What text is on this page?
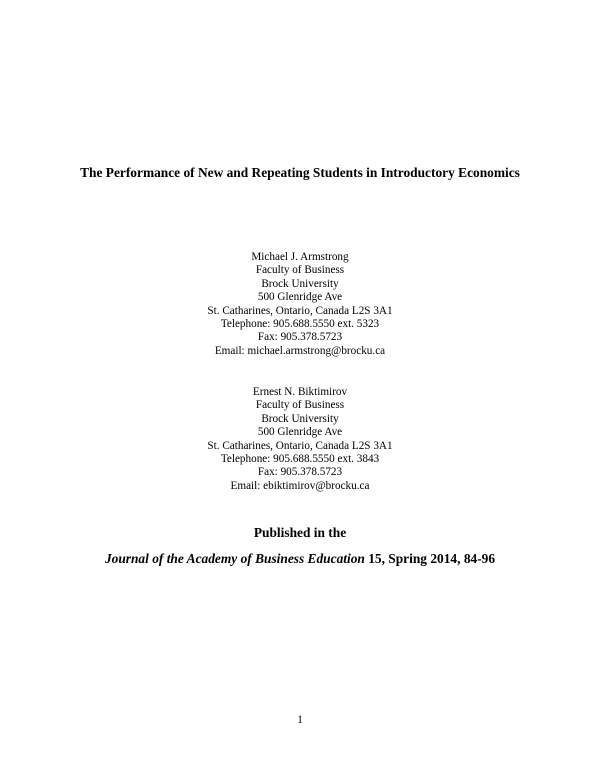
The Performance of New and Repeating Students in Introductory Economics
Michael J. Armstrong
Faculty of Business
Brock University
500 Glenridge Ave
St. Catharines, Ontario, Canada L2S 3A1
Telephone: 905.688.5550 ext. 5323
Fax: 905.378.5723
Email: michael.armstrong@brocku.ca
Ernest N. Biktimirov
Faculty of Business
Brock University
500 Glenridge Ave
St. Catharines, Ontario, Canada L2S 3A1
Telephone: 905.688.5550 ext. 3843
Fax: 905.378.5723
Email: ebiktimirov@brocku.ca
Published in the
Journal of the Academy of Business Education 15, Spring 2014, 84-96
1
